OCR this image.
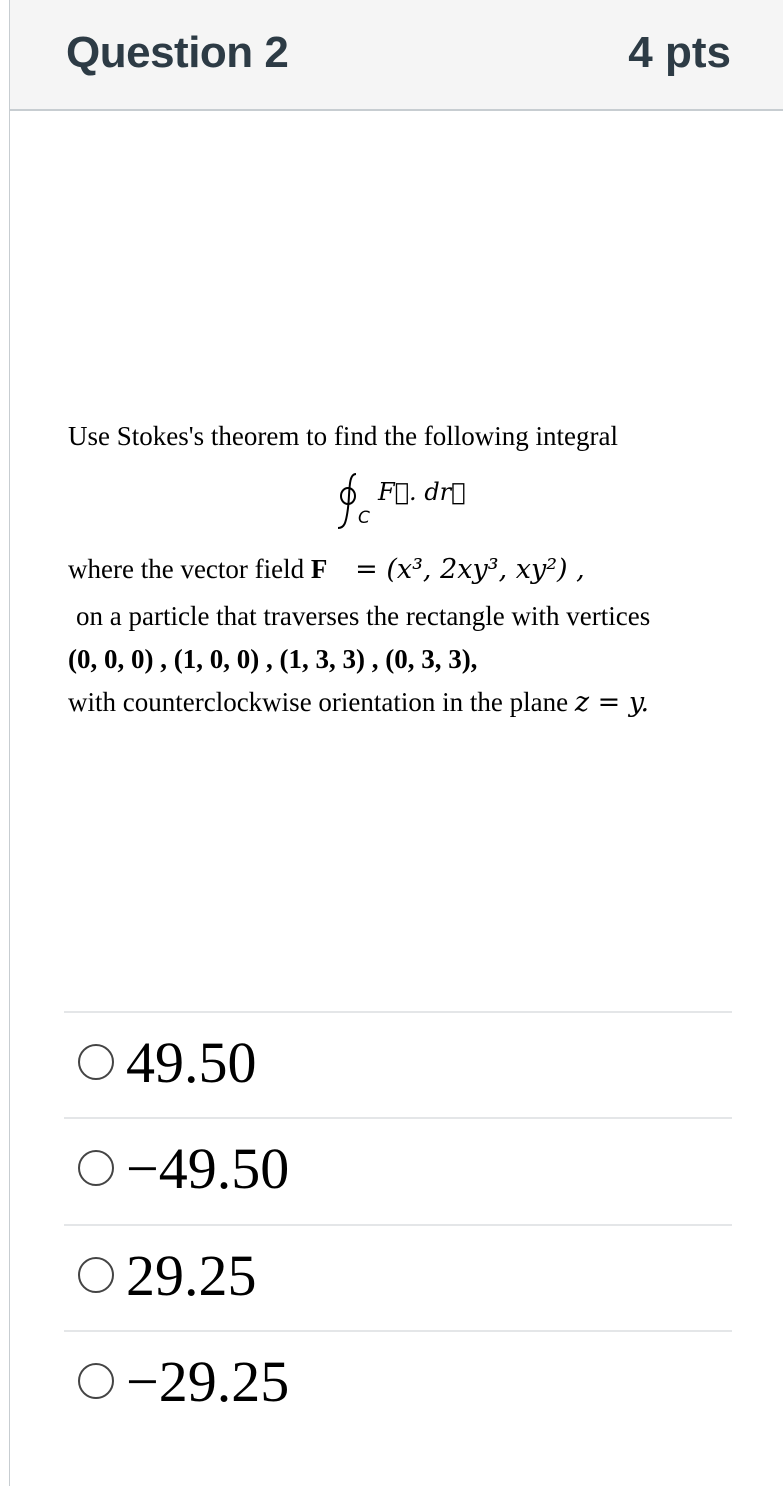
Question 2	4 pts
Use Stokes's theorem to find the following integral
C
F⃗. dr⃗
where the vector field F⃗ = (x³, 2xy³, xy²) ,
on a particle that traverses the rectangle with vertices
(0, 0, 0) , (1, 0, 0) , (1, 3, 3) , (0, 3, 3),
with counterclockwise orientation in the plane z = y.
49.50
−49.50
29.25
−29.25
